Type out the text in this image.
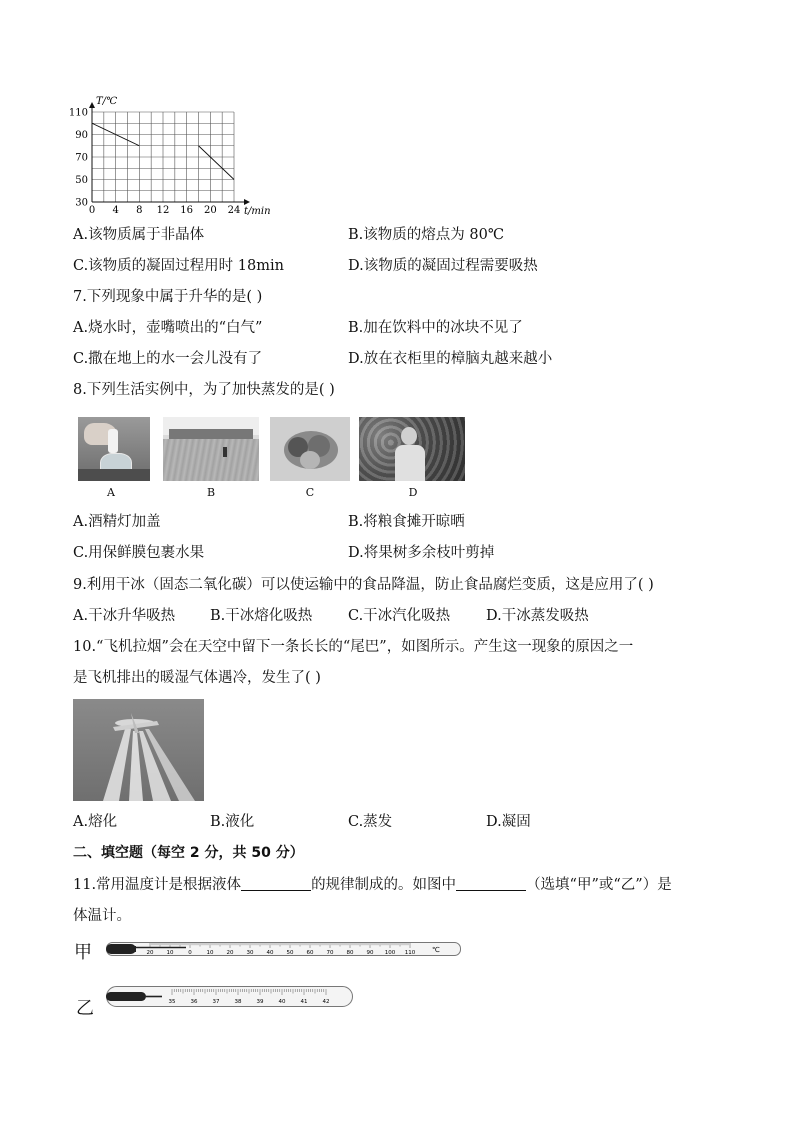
0 4 8 12 16 20 24
30
50
70
90
110
T/℃
t/min
A.该物质属于非晶体	B.该物质的熔点为 80℃
C.该物质的凝固过程用时 18min	D.该物质的凝固过程需要吸热
7.下列现象中属于升华的是( )
A.烧水时，壶嘴喷出的“白气”	B.加在饮料中的冰块不见了
C.撒在地上的水一会儿没有了	D.放在衣柜里的樟脑丸越来越小
8.下列生活实例中，为了加快蒸发的是( )
A	B	C	D
A.酒精灯加盖	B.将粮食摊开晾晒
C.用保鲜膜包裹水果	D.将果树多余枝叶剪掉
9.利用干冰（固态二氧化碳）可以使运输中的食品降温，防止食品腐烂变质，这是应用了( )
A.干冰升华吸热 B.干冰熔化吸热 C.干冰汽化吸热 D.干冰蒸发吸热
10.“飞机拉烟”会在天空中留下一条长长的“尾巴”，如图所示。产生这一现象的原因之一
是飞机排出的暖湿气体遇冷，发生了( )
A.熔化	B.液化	C.蒸发	D.凝固
二、填空题（每空 2 分，共 50 分）
11.常用温度计是根据液体	的规律制成的。如图中	（选填“甲”或“乙”）是
体温计。
甲	20 10	0	10 20 30 40 50 60 70 80 90 100 110 ℃
乙	35	36	37	38	39	40	41	42
